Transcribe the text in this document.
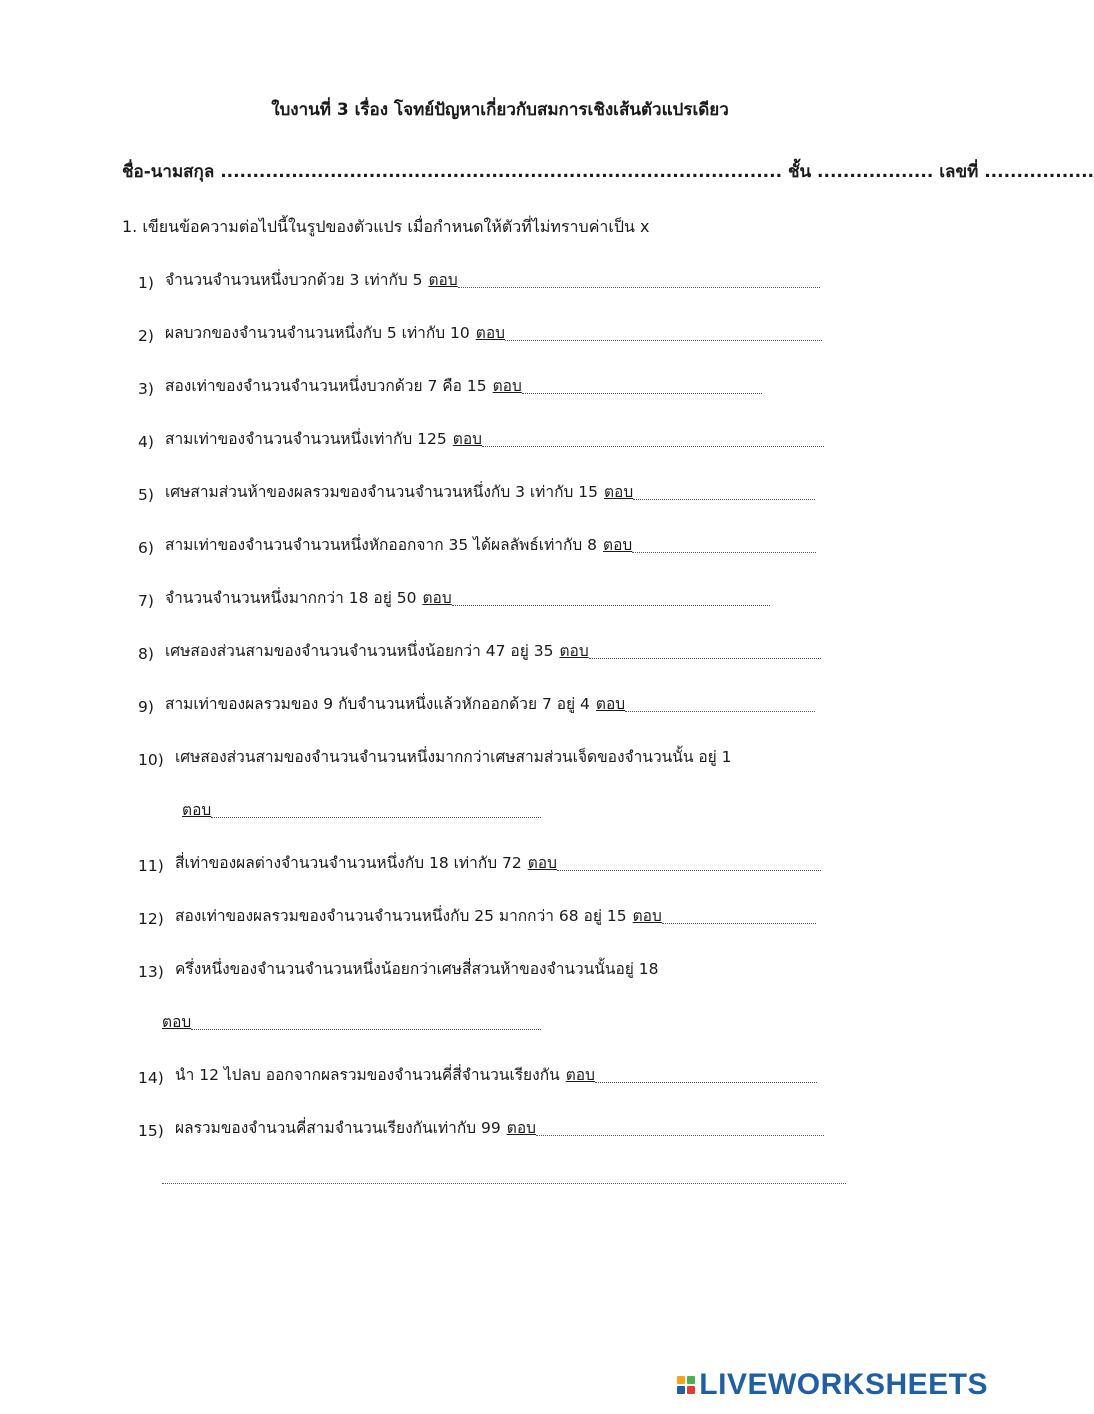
ใบงานที่ 3 เรื่อง โจทย์ปัญหาเกี่ยวกับสมการเชิงเส้นตัวแปรเดียว
ชื่อ-นามสกุล ....................................................................................... ชั้น .................. เลขที่ .................
1. เขียนข้อความต่อไปนี้ในรูปของตัวแปร เมื่อกำหนดให้ตัวที่ไม่ทราบค่าเป็น x
1) จำนวนจำนวนหนึ่งบวกด้วย 3 เท่ากับ 5 ตอบ
2) ผลบวกของจำนวนจำนวนหนึ่งกับ 5 เท่ากับ 10 ตอบ
3) สองเท่าของจำนวนจำนวนหนึ่งบวกด้วย 7 คือ 15 ตอบ
4) สามเท่าของจำนวนจำนวนหนึ่งเท่ากับ 125 ตอบ
5) เศษสามส่วนห้าของผลรวมของจำนวนจำนวนหนึ่งกับ 3 เท่ากับ 15 ตอบ
6) สามเท่าของจำนวนจำนวนหนึ่งหักออกจาก 35 ได้ผลลัพธ์เท่ากับ 8 ตอบ
7) จำนวนจำนวนหนึ่งมากกว่า 18 อยู่ 50 ตอบ
8) เศษสองส่วนสามของจำนวนจำนวนหนึ่งน้อยกว่า 47 อยู่ 35 ตอบ
9) สามเท่าของผลรวมของ 9 กับจำนวนหนึ่งแล้วหักออกด้วย 7 อยู่ 4 ตอบ
10) เศษสองส่วนสามของจำนวนจำนวนหนึ่งมากกว่าเศษสามส่วนเจ็ดของจำนวนนั้น อยู่ 1
ตอบ
11) สี่เท่าของผลต่างจำนวนจำนวนหนึ่งกับ 18 เท่ากับ 72 ตอบ
12) สองเท่าของผลรวมของจำนวนจำนวนหนึ่งกับ 25 มากกว่า 68 อยู่ 15 ตอบ
13) ครึ่งหนึ่งของจำนวนจำนวนหนึ่งน้อยกว่าเศษสี่สวนห้าของจำนวนนั้นอยู่ 18
ตอบ
14) นำ 12 ไปลบ ออกจากผลรวมของจำนวนคี่สี่จำนวนเรียงกัน ตอบ
15) ผลรวมของจำนวนคี่สามจำนวนเรียงกันเท่ากับ 99 ตอบ
LIVEWORKSHEETS
